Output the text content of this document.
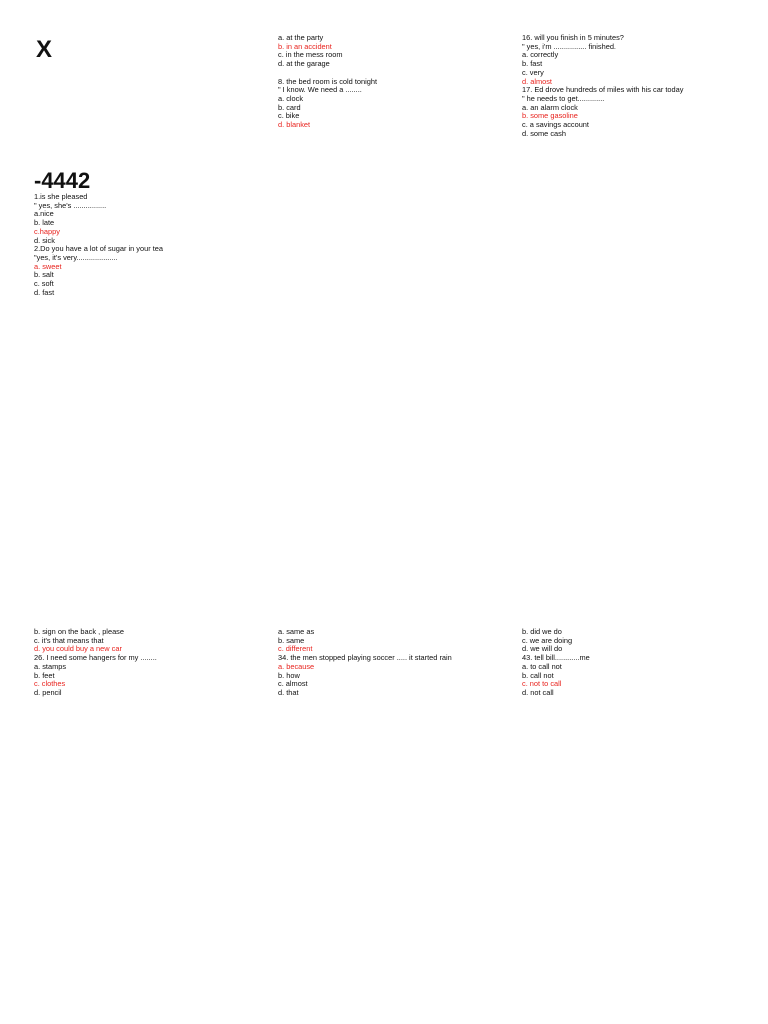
X
-4442
1.is she pleased
" yes, she's ................
a.nice
b. late
c.happy
d. sick
2.Do you have a lot of sugar in your tea
"yes, it's very....................
a. sweet
b. salt
c. soft
d. fast
a. at the party
b. in an accident
c. in the mess room
d. at the garage
8. the bed room is cold tonight
" I know. We need a ........
a. clock
b. card
c. bike
d. blanket
16. will you finish in 5 minutes?
" yes, i'm ................ finished.
a. correctly
b. fast
c. very
d. almost
17. Ed drove hundreds of miles with his car today
" he needs to get.............
a. an alarm clock
b. some gasoline
c. a savings account
d. some cash
b. sign on the back , please
c. it's that means that
d. you could buy a new car
26. I need some hangers for my ........
a. stamps
b. feet
c. clothes
d. pencil
a. same as
b. same
c. different
34. the men stopped playing soccer ..... it started rain
a. because
b. how
c. almost
d. that
b. did we do
c. we are doing
d. we will do
43. tell bill............me
a. to call not
b. call not
c. not to call
d. not call
